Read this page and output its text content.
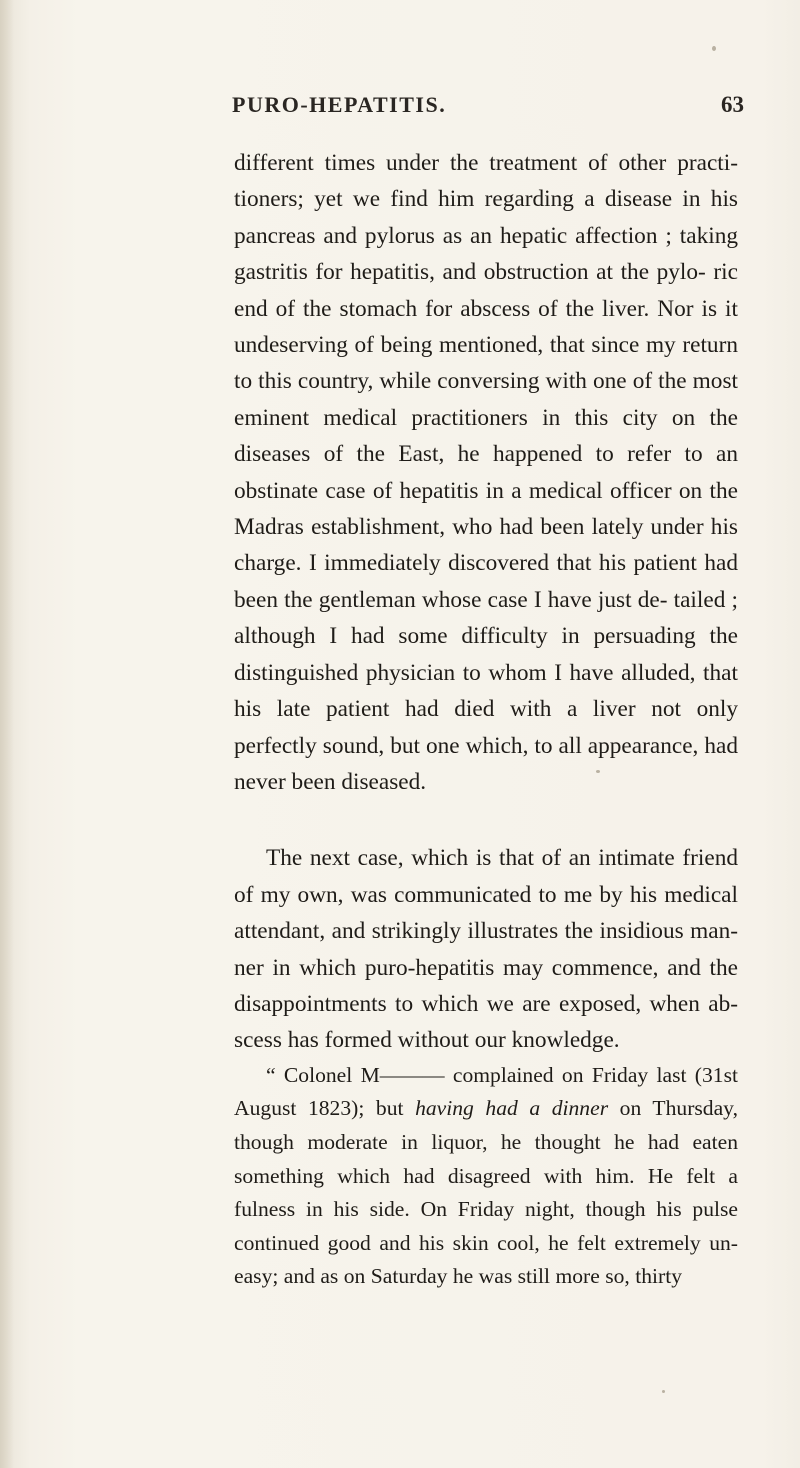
PURO-HEPATITIS.	63

different times under the treatment of other practi- tioners; yet we find him regarding a disease in his pancreas and pylorus as an hepatic affection ; taking gastritis for hepatitis, and obstruction at the pylo- ric end of the stomach for abscess of the liver. Nor is it undeserving of being mentioned, that since my return to this country, while conversing with one of the most eminent medical practitioners in this city on the diseases of the East, he happened to refer to an obstinate case of hepatitis in a medical officer on the Madras establishment, who had been lately under his charge. I immediately discovered that his patient had been the gentleman whose case I have just de- tailed ; although I had some difficulty in persuading the distinguished physician to whom I have alluded, that his late patient had died with a liver not only perfectly sound, but one which, to all appearance, had never been diseased.

The next case, which is that of an intimate friend of my own, was communicated to me by his medical attendant, and strikingly illustrates the insidious man- ner in which puro-hepatitis may commence, and the disappointments to which we are exposed, when ab- scess has formed without our knowledge.

“ Colonel M——— complained on Friday last (31st August 1823); but having had a dinner on Thursday, though moderate in liquor, he thought he had eaten something which had disagreed with him. He felt a fulness in his side. On Friday night, though his pulse continued good and his skin cool, he felt extremely un- easy; and as on Saturday he was still more so, thirty
